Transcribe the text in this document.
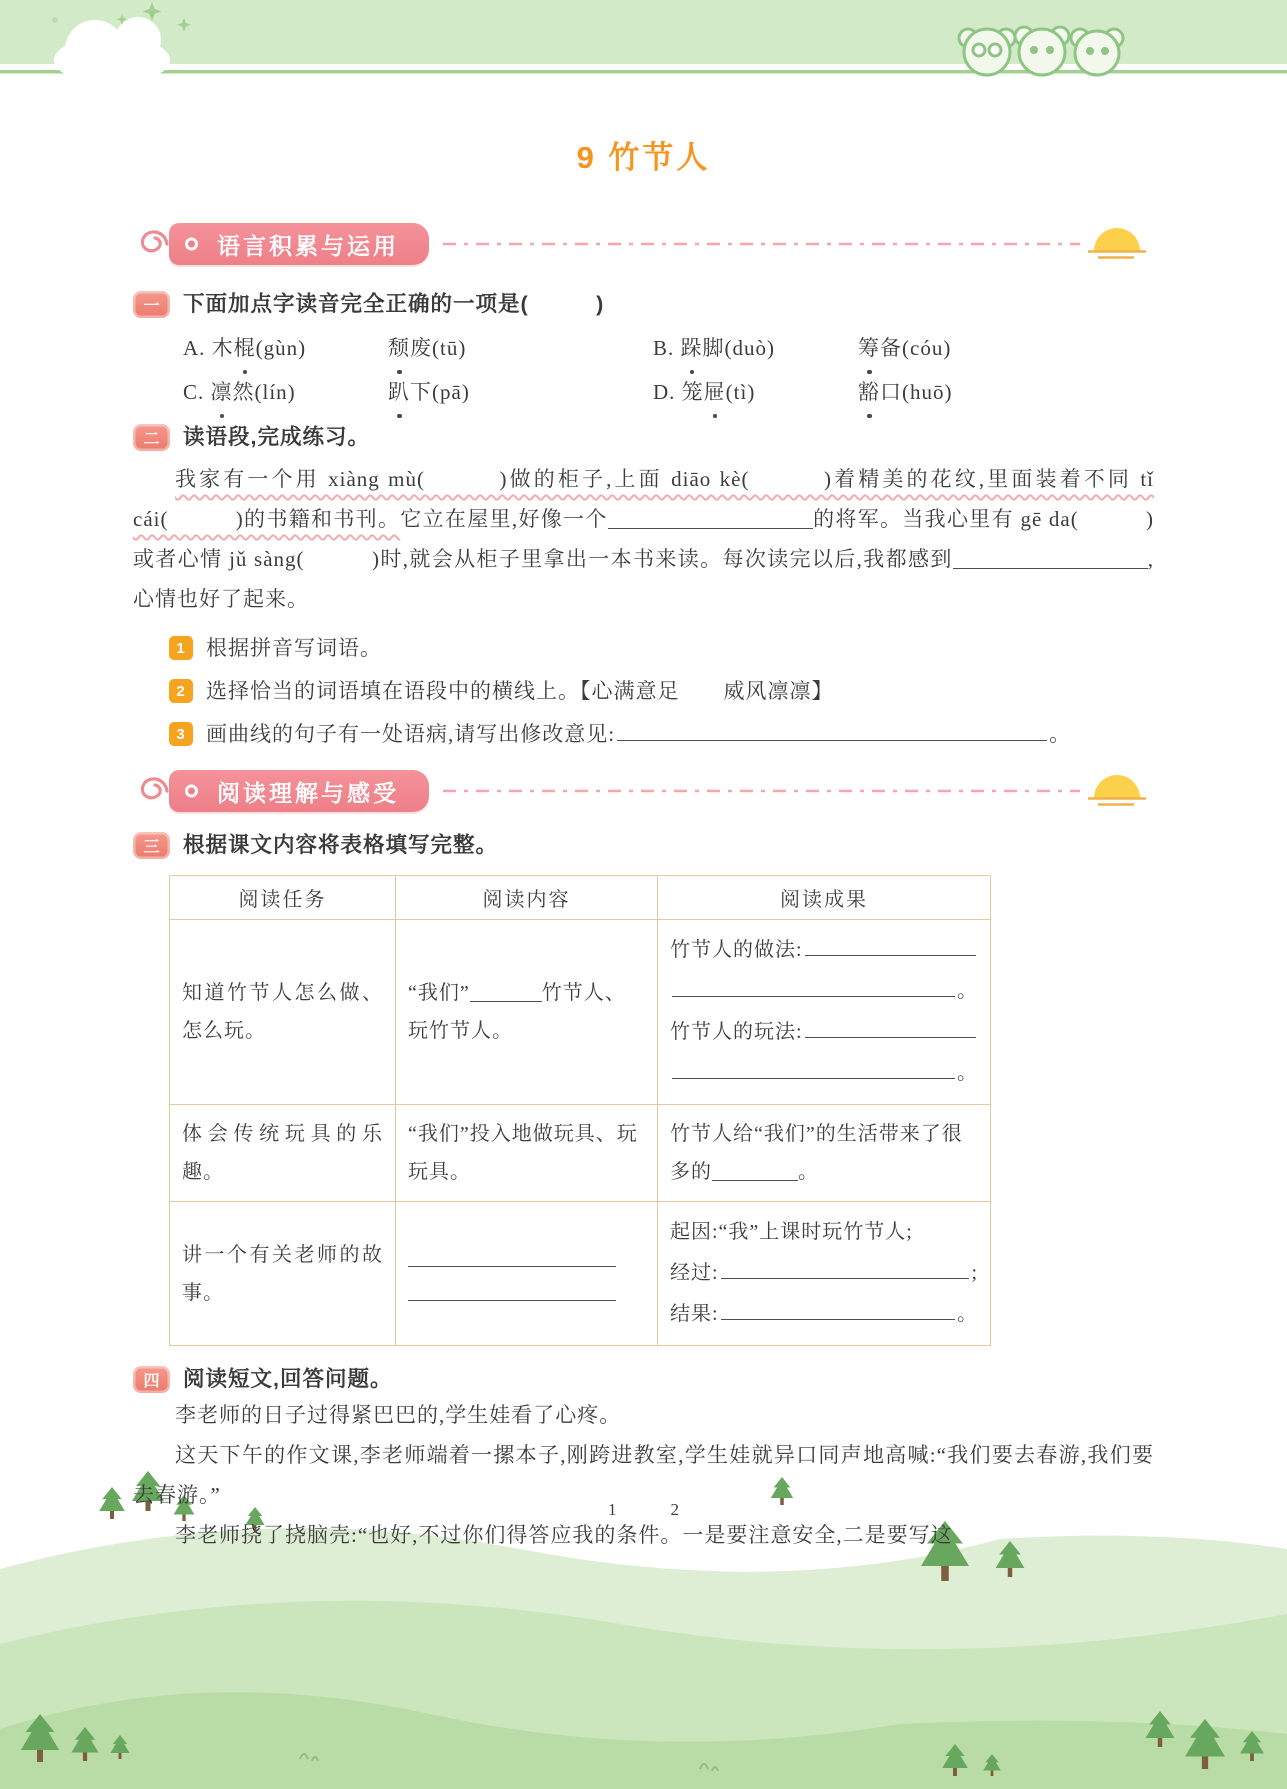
1	2
9 竹节人
语言积累与运用
一	下面加点字读音完全正确的一项是(　　　)
A. 木棍(gùn)	颓废(tū)	B. 跺脚(duò)	筹备(cóu)
C. 凛然(lín)	趴下(pā)	D. 笼屉(tì)	豁口(huō)
二	读语段,完成练习。

我家有一个用 xiàng mù(　　　)做的柜子,上面 diāo kè(　　　)着精美的花纹,里面装着不同 tǐ cái(　　　)的书籍和书刊。它立在屋里,好像一个	的将军。当我心里有 gē da(　　　)或者心情 jǔ sàng(　　　)时,就会从柜子里拿出一本书来读。每次读完以后,我都感到	,心情也好了起来。

1 根据拼音写词语。
2 选择恰当的词语填在语段中的横线上。【心满意足　　威风凛凛】
3 画曲线的句子有一处语病,请写出修改意见:	。
阅读理解与感受
三	根据课文内容将表格填写完整。
阅读任务	阅读内容	阅读成果
知道竹节人怎么做、怎么玩。	“我们” 竹节人、玩竹节人。	竹节人的做法:
。
竹节人的玩法:
。

体会传统玩具的乐趣。	“我们”投入地做玩具、玩玩具。	竹节人给“我们”的生活带来了很多的 。
讲一个有关老师的故事。		起因:“我”上课时玩竹节人;
经过: ;
结果: 。
四	阅读短文,回答问题。

李老师的日子过得紧巴巴的,学生娃看了心疼。

这天下午的作文课,李老师端着一摞本子,刚跨进教室,学生娃就异口同声地高喊:“我们要去春游,我们要去春游。”

李老师挠了挠脑壳:“也好,不过你们得答应我的条件。一是要注意安全,二是要写这
